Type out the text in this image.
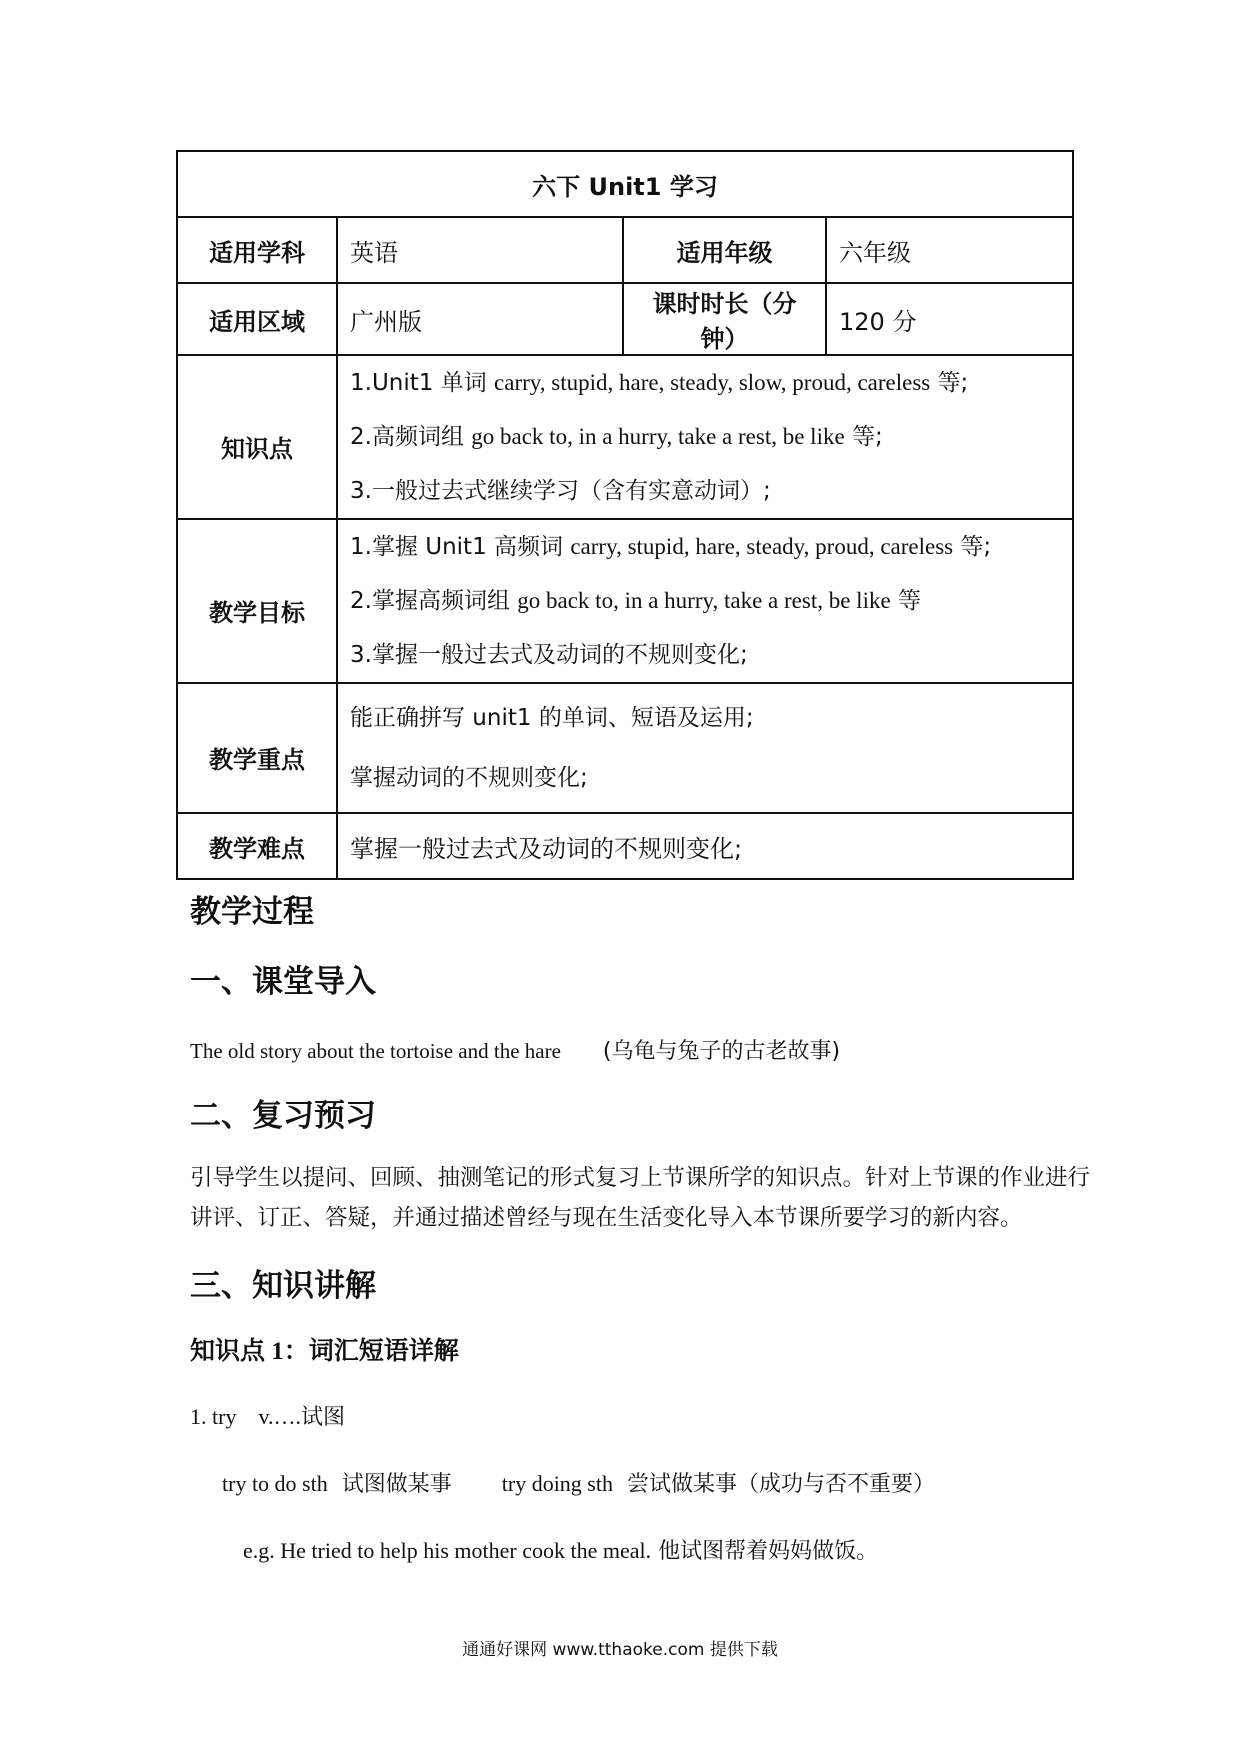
六下 Unit1 学习			
适用学科	英语	适用年级	六年级
适用区域	广州版	课时时长（分钟）	120 分
知识点	1.Unit1 单词 carry, stupid, hare, steady, slow, proud, careless 等;
2.高频词组 go back to, in a hurry, take a rest, be like 等;
3.一般过去式继续学习（含有实意动词）;		

教学目标	1.掌握 Unit1 高频词 carry, stupid, hare, steady, proud, careless 等;
2.掌握高频词组 go back to, in a hurry, take a rest, be like 等
3.掌握一般过去式及动词的不规则变化;		

教学重点	能正确拼写 unit1 的单词、短语及运用;
掌握动词的不规则变化;		

教学难点	掌握一般过去式及动词的不规则变化;		
教学过程
一、课堂导入
The old story about the tortoise and the hare (乌龟与兔子的古老故事)
二、复习预习
引导学生以提问、回顾、抽测笔记的形式复习上节课所学的知识点。针对上节课的作业进行
讲评、订正、答疑，并通过描述曾经与现在生活变化导入本节课所要学习的新内容。
三、知识讲解
知识点 1：词汇短语详解
1. try    v.….试图
try to do sth 试图做某事 try doing sth 尝试做某事（成功与否不重要）
e.g. He tried to help his mother cook the meal. 他试图帮着妈妈做饭。
通通好课网 www.tthaoke.com 提供下载
